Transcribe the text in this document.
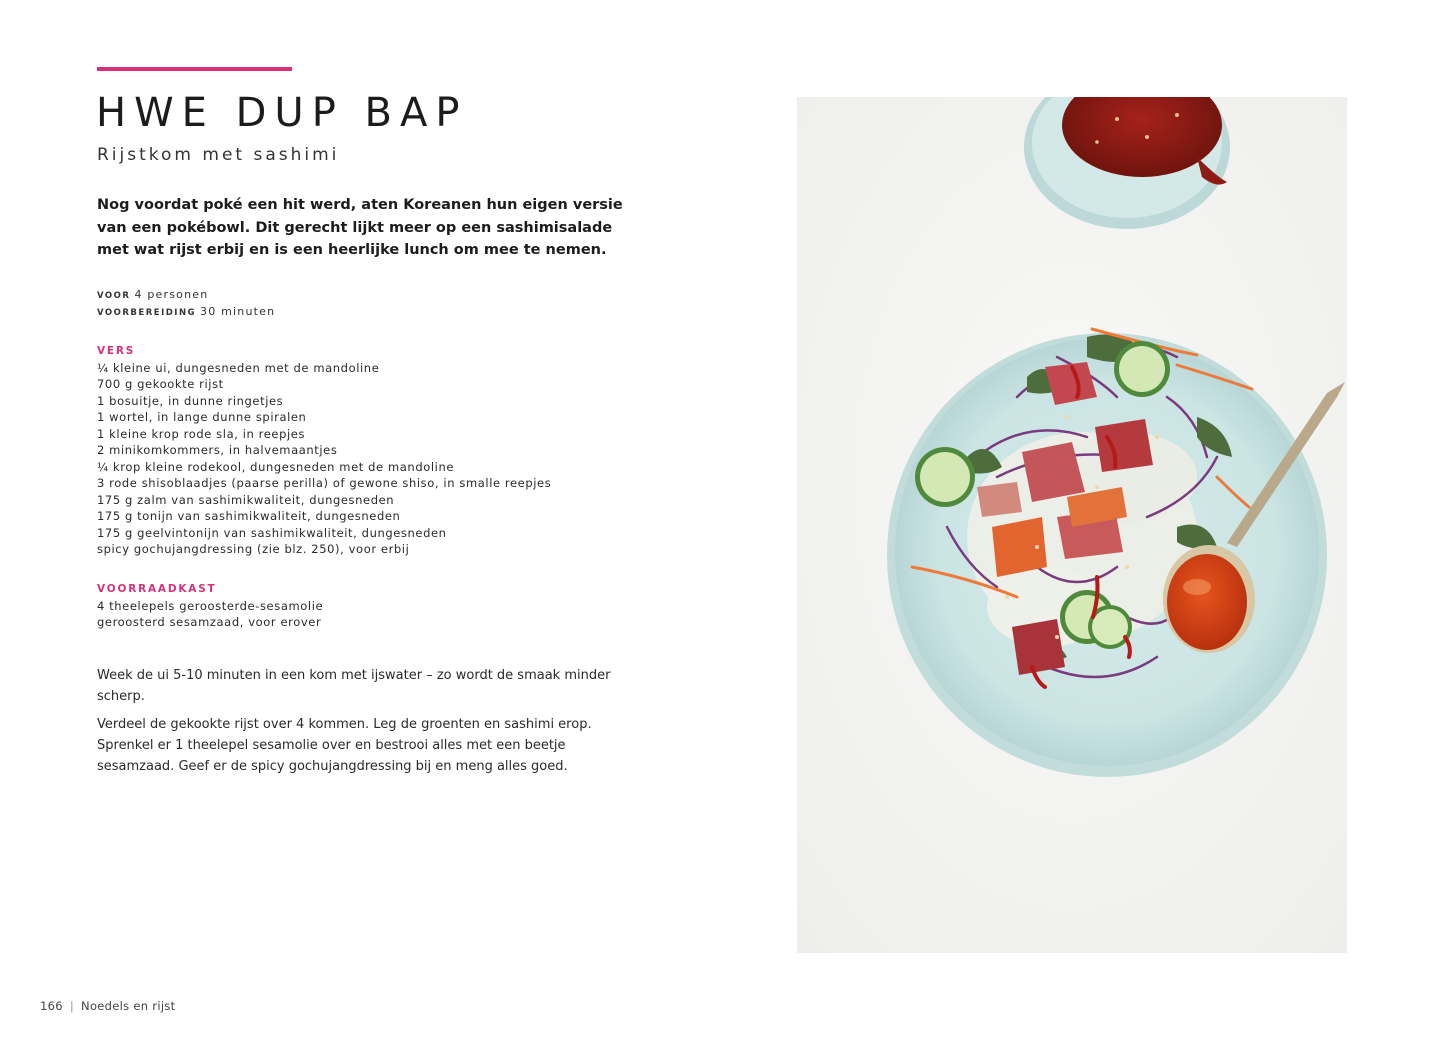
HWE DUP BAP
Rijstkom met sashimi

Nog voordat poké een hit werd, aten Koreanen hun eigen versie van een pokébowl. Dit gerecht lijkt meer op een sashimisalade met wat rijst erbij en is een heerlijke lunch om mee te nemen.

VOOR 4 personen
VOORBEREIDING 30 minuten
VERS
¼ kleine ui, dungesneden met de mandoline
700 g gekookte rijst
1 bosuitje, in dunne ringetjes
1 wortel, in lange dunne spiralen
1 kleine krop rode sla, in reepjes
2 minikomkommers, in halvemaantjes
¼ krop kleine rodekool, dungesneden met de mandoline
3 rode shisoblaadjes (paarse perilla) of gewone shiso, in smalle reepjes
175 g zalm van sashimikwaliteit, dungesneden
175 g tonijn van sashimikwaliteit, dungesneden
175 g geelvintonijn van sashimikwaliteit, dungesneden
spicy gochujangdressing (zie blz. 250), voor erbij
VOORRAADKAST
4 theelepels geroosterde-sesamolie
geroosterd sesamzaad, voor erover

Week de ui 5-10 minuten in een kom met ijswater – zo wordt de smaak minder scherp.

Verdeel de gekookte rijst over 4 kommen. Leg de groenten en sashimi erop. Sprenkel er 1 theelepel sesamolie over en bestrooi alles met een beetje sesamzaad. Geef er de spicy gochujangdressing bij en meng alles goed.

166 | Noedels en rijst
